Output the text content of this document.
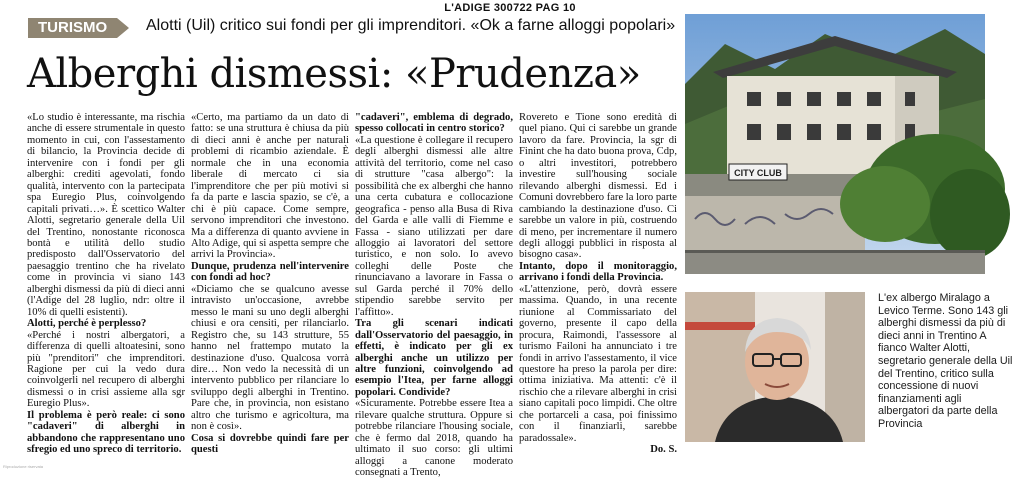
L'ADIGE 300722 PAG 10
TURISMO	Alotti (Uil) critico sui fondi per gli imprenditori. «Ok a farne alloggi popolari»
Alberghi dismessi: «Prudenza»

«Lo studio è interessante, ma rischia anche di essere strumentale in questo momento in cui, con l'assestamento di bilancio, la Provincia decide di intervenire con i fondi per gli alberghi: crediti agevolati, fondo qualità, intervento con la partecipata spa Euregio Plus, coinvolgendo capitali privati…». È scettico Walter Alotti, segretario generale della Uil del Trentino, nonostante riconosca bontà e utilità dello studio predisposto dall'Osservatorio del paesaggio trentino che ha rivelato come in provincia vi siano 143 alberghi dismessi da più di dieci anni (l'Adige del 28 luglio, ndr: oltre il 10% di quelli esistenti).

Alotti, perché è perplesso?

«Perché i nostri albergatori, a differenza di quelli altoatesini, sono più "prenditori" che imprenditori. Ragione per cui la vedo dura coinvolgerli nel recupero di alberghi dismessi o in crisi assieme alla sgr Euregio Plus».

Il problema è però reale: ci sono "cadaveri" di alberghi in abbandono che rappresentano uno sfregio ed uno spreco di territorio.

«Certo, ma partiamo da un dato di fatto: se una struttura è chiusa da più di dieci anni è anche per naturali problemi di ricambio aziendale. È normale che in una economia liberale di mercato ci sia l'imprenditore che per più motivi si fa da parte e lascia spazio, se c'è, a chi è più capace. Come sempre, servono imprenditori che investono. Ma a differenza di quanto avviene in Alto Adige, qui si aspetta sempre che arrivi la Provincia».

Dunque, prudenza nell'intervenire con fondi ad hoc?

«Diciamo che se qualcuno avesse intravisto un'occasione, avrebbe messo le mani su uno degli alberghi chiusi e ora censiti, per rilanciarlo. Registro che, su 143 strutture, 55 hanno nel frattempo mutato la destinazione d'uso. Qualcosa vorrà dire… Non vedo la necessità di un intervento pubblico per rilanciare lo sviluppo degli alberghi in Trentino. Pare che, in provincia, non esistano altro che turismo e agricoltura, ma non è così».

Cosa si dovrebbe quindi fare per questi

"cadaveri", emblema di degrado, spesso collocati in centro storico?

«La questione è collegare il recupero degli alberghi dismessi alle altre attività del territorio, come nel caso di strutture "casa albergo": la possibilità che ex alberghi che hanno una certa cubatura e collocazione geografica - penso alla Busa di Riva del Garda e alle valli di Fiemme e Fassa - siano utilizzati per dare alloggio ai lavoratori del settore turistico, e non solo. Io avevo colleghi delle Poste che rinunciavano a lavorare in Fassa o sul Garda perché il 70% dello stipendio sarebbe servito per l'affitto».

Tra gli scenari indicati dall'Osservatorio del paesaggio, in effetti, è indicato per gli ex alberghi anche un utilizzo per altre funzioni, coinvolgendo ad esempio l'Itea, per farne alloggi popolari. Condivide?

«Sicuramente. Potrebbe essere Itea a rilevare qualche struttura. Oppure si potrebbe rilanciare l'housing sociale, che è fermo dal 2018, quando ha ultimato il suo corso: gli ultimi alloggi a canone moderato consegnati a Trento,

Rovereto e Tione sono eredità di quel piano. Qui ci sarebbe un grande lavoro da fare. Provincia, la sgr di Finint che ha dato buona prova, Cdp, o altri investitori, potrebbero investire sull'housing sociale rilevando alberghi dismessi. Ed i Comuni dovrebbero fare la loro parte cambiando la destinazione d'uso. Ci sarebbe un valore in più, costruendo di meno, per incrementare il numero degli alloggi pubblici in risposta al bisogno casa».

Intanto, dopo il monitoraggio, arrivano i fondi della Provincia.

«L'attenzione, però, dovrà essere massima. Quando, in una recente riunione al Commissariato del governo, presente il capo della procura, Raimondi, l'assessore al turismo Failoni ha annunciato i tre fondi in arrivo l'assestamento, il vice questore ha preso la parola per dire: ottima iniziativa. Ma attenti: c'è il rischio che a rilevare alberghi in crisi siano capitali poco limpidi. Che oltre che portarceli a casa, poi finissimo con il finanziarli, sarebbe paradossale».

Do. S.
CITY CLUB
L'ex albergo Miralago a Levico Terme. Sono 143 gli alberghi dismessi da più di dieci anni in Trentino A fianco Walter Alotti, segretario generale della Uil del Trentino, critico sulla concessione di nuovi finanziamenti agli albergatori da parte della Provincia
Riproduzione riservata
